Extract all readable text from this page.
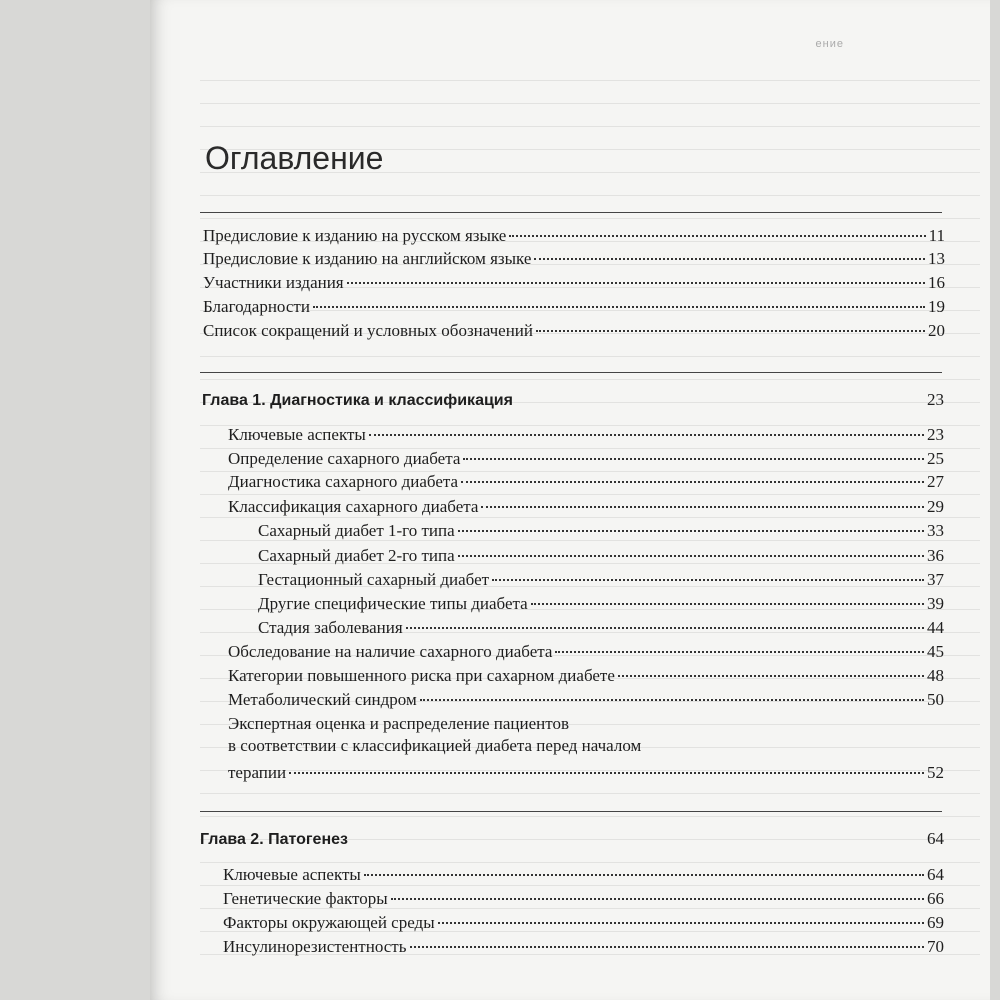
ение
Оглавление
Предисловие к изданию на русском языке	11
Предисловие к изданию на английском языке	13
Участники издания	16
Благодарности	19
Список сокращений и условных обозначений	20
Глава 1. Диагностика и классификация	23
Ключевые аспекты	23
Определение сахарного диабета	25
Диагностика сахарного диабета	27
Классификация сахарного диабета	29
Сахарный диабет 1-го типа	33
Сахарный диабет 2-го типа	36
Гестационный сахарный диабет	37
Другие специфические типы диабета	39
Стадия заболевания	44
Обследование на наличие сахарного диабета	45
Категории повышенного риска при сахарном диабете	48
Метаболический синдром	50
Экспертная оценка и распределение пациентов
в соответствии с классификацией диабета перед началом
терапии	52
Глава 2. Патогенез	64
Ключевые аспекты	64
Генетические факторы	66
Факторы окружающей среды	69
Инсулинорезистентность	70
